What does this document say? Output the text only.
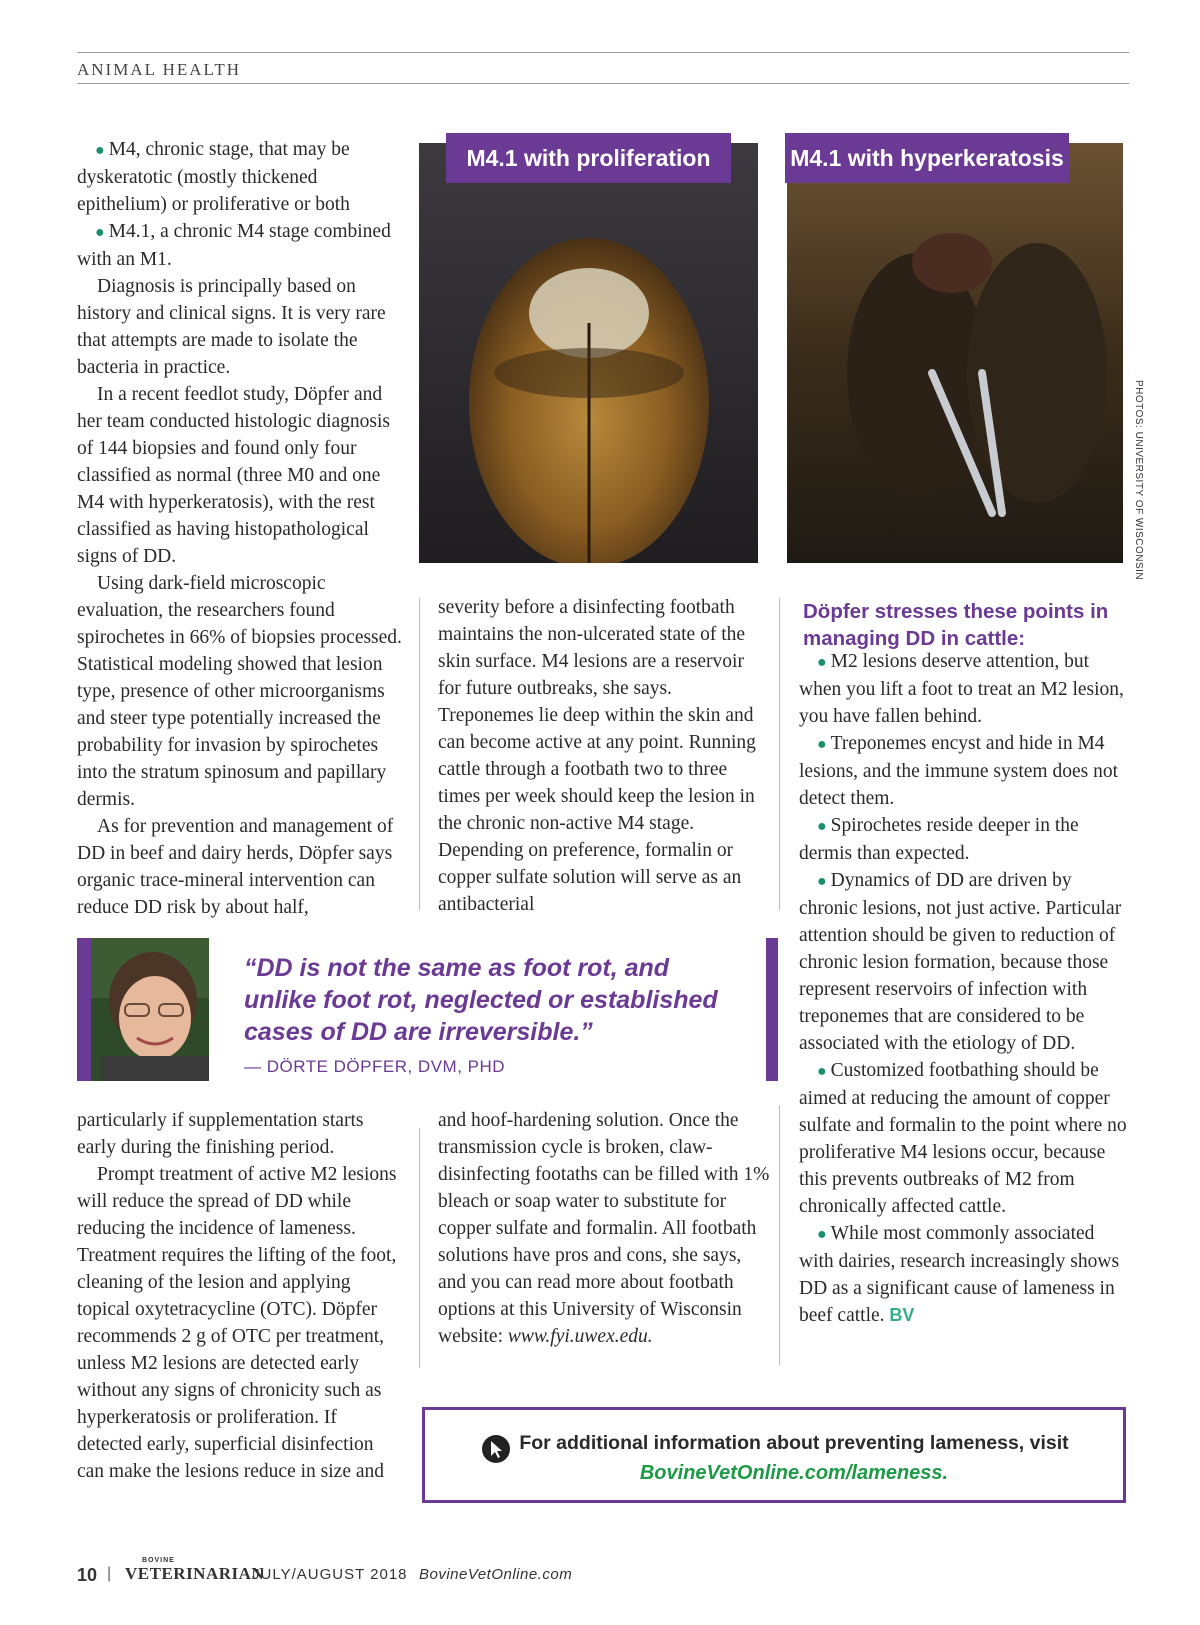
ANIMAL HEALTH

● M4, chronic stage, that may be dyskeratotic (mostly thickened epithelium) or proliferative or both

● M4.1, a chronic M4 stage combined with an M1.

Diagnosis is principally based on history and clinical signs. It is very rare that attempts are made to isolate the bacteria in practice.

In a recent feedlot study, Döpfer and her team conducted histologic diagnosis of 144 biopsies and found only four classified as normal (three M0 and one M4 with hyperkeratosis), with the rest classified as having histopathological signs of DD.

Using dark-field microscopic evaluation, the researchers found spirochetes in 66% of biopsies processed. Statistical modeling showed that lesion type, presence of other microorganisms and steer type potentially increased the probability for invasion by spirochetes into the stratum spinosum and papillary dermis.

As for prevention and management of DD in beef and dairy herds, Döpfer says organic trace-mineral intervention can reduce DD risk by about half,

M4.1 with proliferation	M4.1 with hyperkeratosis
PHOTOS: UNIVERSITY OF WISCONSIN

severity before a disinfecting footbath maintains the non-ulcerated state of the skin surface. M4 lesions are a reservoir for future outbreaks, she says. Treponemes lie deep within the skin and can become active at any point. Running cattle through a footbath two to three times per week should keep the lesion in the chronic non-active M4 stage. Depending on preference, formalin or copper sulfate solution will serve as an antibacterial

Döpfer stresses these points in managing DD in cattle:

● M2 lesions deserve attention, but when you lift a foot to treat an M2 lesion, you have fallen behind.

● Treponemes encyst and hide in M4 lesions, and the immune system does not detect them.

● Spirochetes reside deeper in the dermis than expected.

● Dynamics of DD are driven by chronic lesions, not just active. Particular attention should be given to reduction of chronic lesion formation, because those represent reservoirs of infection with treponemes that are considered to be associated with the etiology of DD.

● Customized footbathing should be aimed at reducing the amount of copper sulfate and formalin to the point where no proliferative M4 lesions occur, because this prevents outbreaks of M2 from chronically affected cattle.

● While most commonly associated with dairies, research increasingly shows DD as a significant cause of lameness in beef cattle. BV

“DD is not the same as foot rot, and unlike foot rot, neglected or established cases of DD are irreversible.”
— DÖRTE DÖPFER, DVM, PHD

particularly if supplementation starts early during the finishing period.

Prompt treatment of active M2 lesions will reduce the spread of DD while reducing the incidence of lameness. Treatment requires the lifting of the foot, cleaning of the lesion and applying topical oxytetracycline (OTC). Döpfer recommends 2 g of OTC per treatment, unless M2 lesions are detected early without any signs of chronicity such as hyperkeratosis or proliferation. If detected early, superficial disinfection can make the lesions reduce in size and

and hoof-hardening solution. Once the transmission cycle is broken, claw-disinfecting footaths can be filled with 1% bleach or soap water to substitute for copper sulfate and formalin. All footbath solutions have pros and cons, she says, and you can read more about footbath options at this University of Wisconsin website: www.fyi.uwex.edu.

For additional information about preventing lameness, visit
BovineVetOnline.com/lameness.
10 |
BOVINE
VETERINARIAN
JULY/AUGUST 2018 BovineVetOnline.com
